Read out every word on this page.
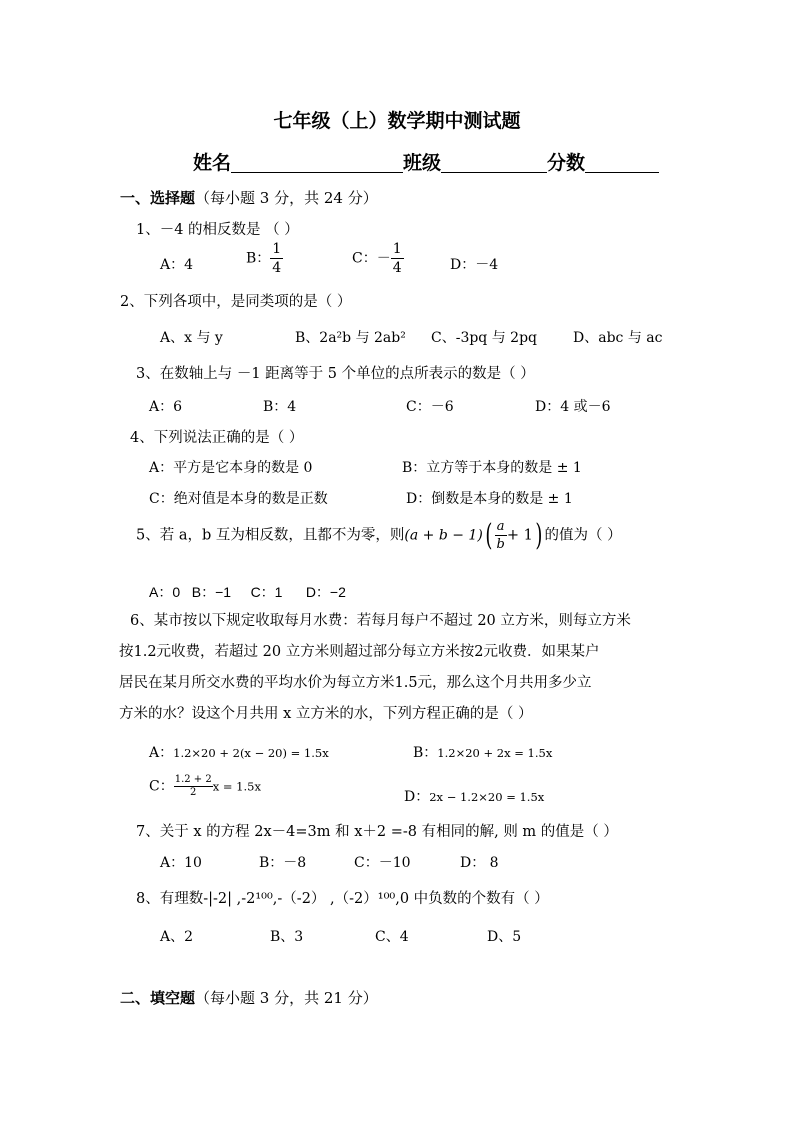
七年级（上）数学期中测试题
姓名	班级	分数
一、选择题（每小题 3 分，共 24 分）
1、－4 的相反数是 （ ）
A：4	B： $\frac{1}{4}$	C：－ $\frac{1}{4}$	D：－4
2、下列各项中，是同类项的是（ ）
A、x 与 y	B、2a²b 与 2ab² C、-3pq 与 2pq	D、abc 与 ac
3、在数轴上与 －1 距离等于 5 个单位的点所表示的数是（ ）
A：6	B：4	C：－6	D：4 或－6
4、下列说法正确的是（ ）
A：平方是它本身的数是 0	B：立方等于本身的数是 ± 1
C：绝对值是本身的数是正数	D：倒数是本身的数是 ± 1
5、若 a，b 互为相反数，且都不为零，则$(a + b - 1)( \frac{a}{b} + 1)$ 的值为（ ）
A：0 B：−1 C：1 D：−2
6、某市按以下规定收取每月水费：若每月每户不超过 20 立方米，则每立方米
按1.2元收费，若超过 20 立方米则超过部分每立方米按2元收费．如果某户
居民在某月所交水费的平均水价为每立方米1.5元，那么这个月共用多少立
方米的水？设这个月共用 x 立方米的水，下列方程正确的是（ ）
A：1.2×20 + 2(x − 20) = 1.5x	B：1.2×20 + 2x = 1.5x
C： $\frac{1.2 + 2}{2}$ x = 1.5x
D：2x − 1.2×20 = 1.5x
7、关于 x 的方程 2x－4=3m 和 x＋2 =-8 有相同的解, 则 m 的值是（ ）
A：10	B：－8	C：－10	D： 8
8、有理数-|-2| ,-2¹⁰⁰,-（-2） ,（-2）¹⁰⁰,0 中负数的个数有（ ）
A、2	B、3	C、4	D、5
二、填空题（每小题 3 分，共 21 分）
